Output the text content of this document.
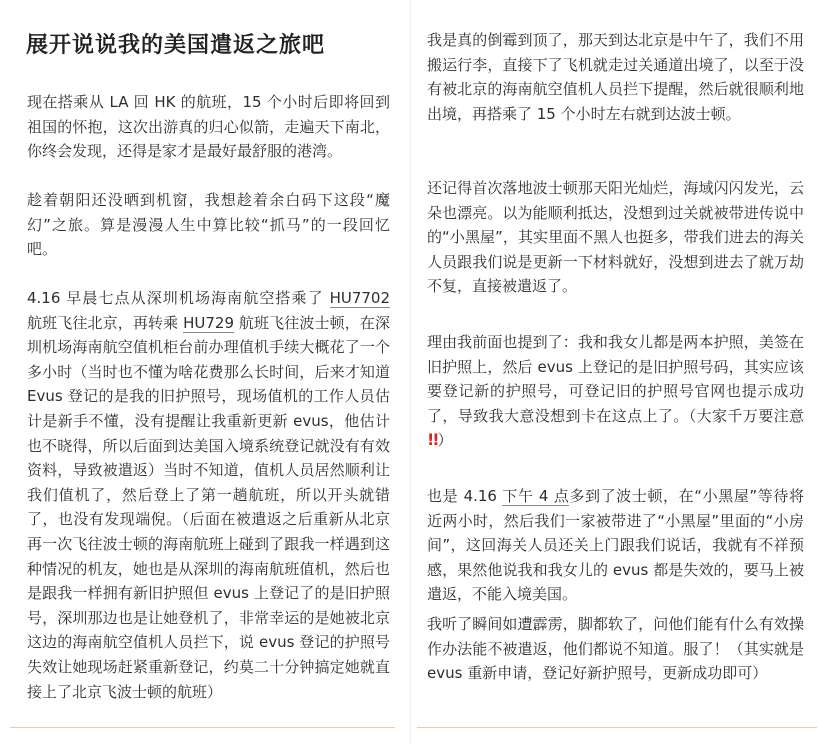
展开说说我的美国遣返之旅吧
现在搭乘从 LA 回 HK 的航班，15 个小时后即将回到祖国的怀抱，这次出游真的归心似箭，走遍天下南北，你终会发现，还得是家才是最好最舒服的港湾。
趁着朝阳还没晒到机窗，我想趁着余白码下这段“魔幻”之旅。算是漫漫人生中算比较“抓马”的一段回忆吧。
4.16 早晨七点从深圳机场海南航空搭乘了 HU7702 航班飞往北京，再转乘 HU729 航班飞往波士顿，在深圳机场海南航空值机柜台前办理值机手续大概花了一个多小时（当时也不懂为啥花费那么长时间，后来才知道 Evus 登记的是我的旧护照号，现场值机的工作人员估计是新手不懂，没有提醒让我重新更新 evus，他估计也不晓得，所以后面到达美国入境系统登记就没有有效资料，导致被遣返）当时不知道，值机人员居然顺利让我们值机了，然后登上了第一趟航班，所以开头就错了，也没有发现端倪。（后面在被遣返之后重新从北京再一次飞往波士顿的海南航班上碰到了跟我一样遇到这种情况的机友，她也是从深圳的海南航班值机，然后也是跟我一样拥有新旧护照但 evus 上登记了的是旧护照号，深圳那边也是让她登机了，非常幸运的是她被北京这边的海南航空值机人员拦下，说 evus 登记的护照号失效让她现场赶紧重新登记，约莫二十分钟搞定她就直接上了北京飞波士顿的航班）
我是真的倒霉到顶了，那天到达北京是中午了，我们不用搬运行李，直接下了飞机就走过关通道出境了，以至于没有被北京的海南航空值机人员拦下提醒，然后就很顺利地出境，再搭乘了 15 个小时左右就到达波士顿。
还记得首次落地波士顿那天阳光灿烂，海域闪闪发光，云朵也漂亮。以为能顺利抵达，没想到过关就被带进传说中的“小黑屋”，其实里面不黑人也挺多，带我们进去的海关人员跟我们说是更新一下材料就好，没想到进去了就万劫不复，直接被遣返了。
理由我前面也提到了：我和我女儿都是两本护照，美签在旧护照上，然后 evus 上登记的是旧护照号码，其实应该要登记新的护照号，可登记旧的护照号官网也提示成功了，导致我大意没想到卡在这点上了。（大家千万要注意!!）
也是 4.16 下午 4 点多到了波士顿，在“小黑屋”等待将近两小时，然后我们一家被带进了“小黑屋”里面的“小房间”，这回海关人员还关上门跟我们说话，我就有不祥预感，果然他说我和我女儿的 evus 都是失效的，要马上被遣返，不能入境美国。
我听了瞬间如遭霹雳，脚都软了，问他们能有什么有效操作办法能不被遣返，他们都说不知道。服了！（其实就是 evus 重新申请，登记好新护照号，更新成功即可）
